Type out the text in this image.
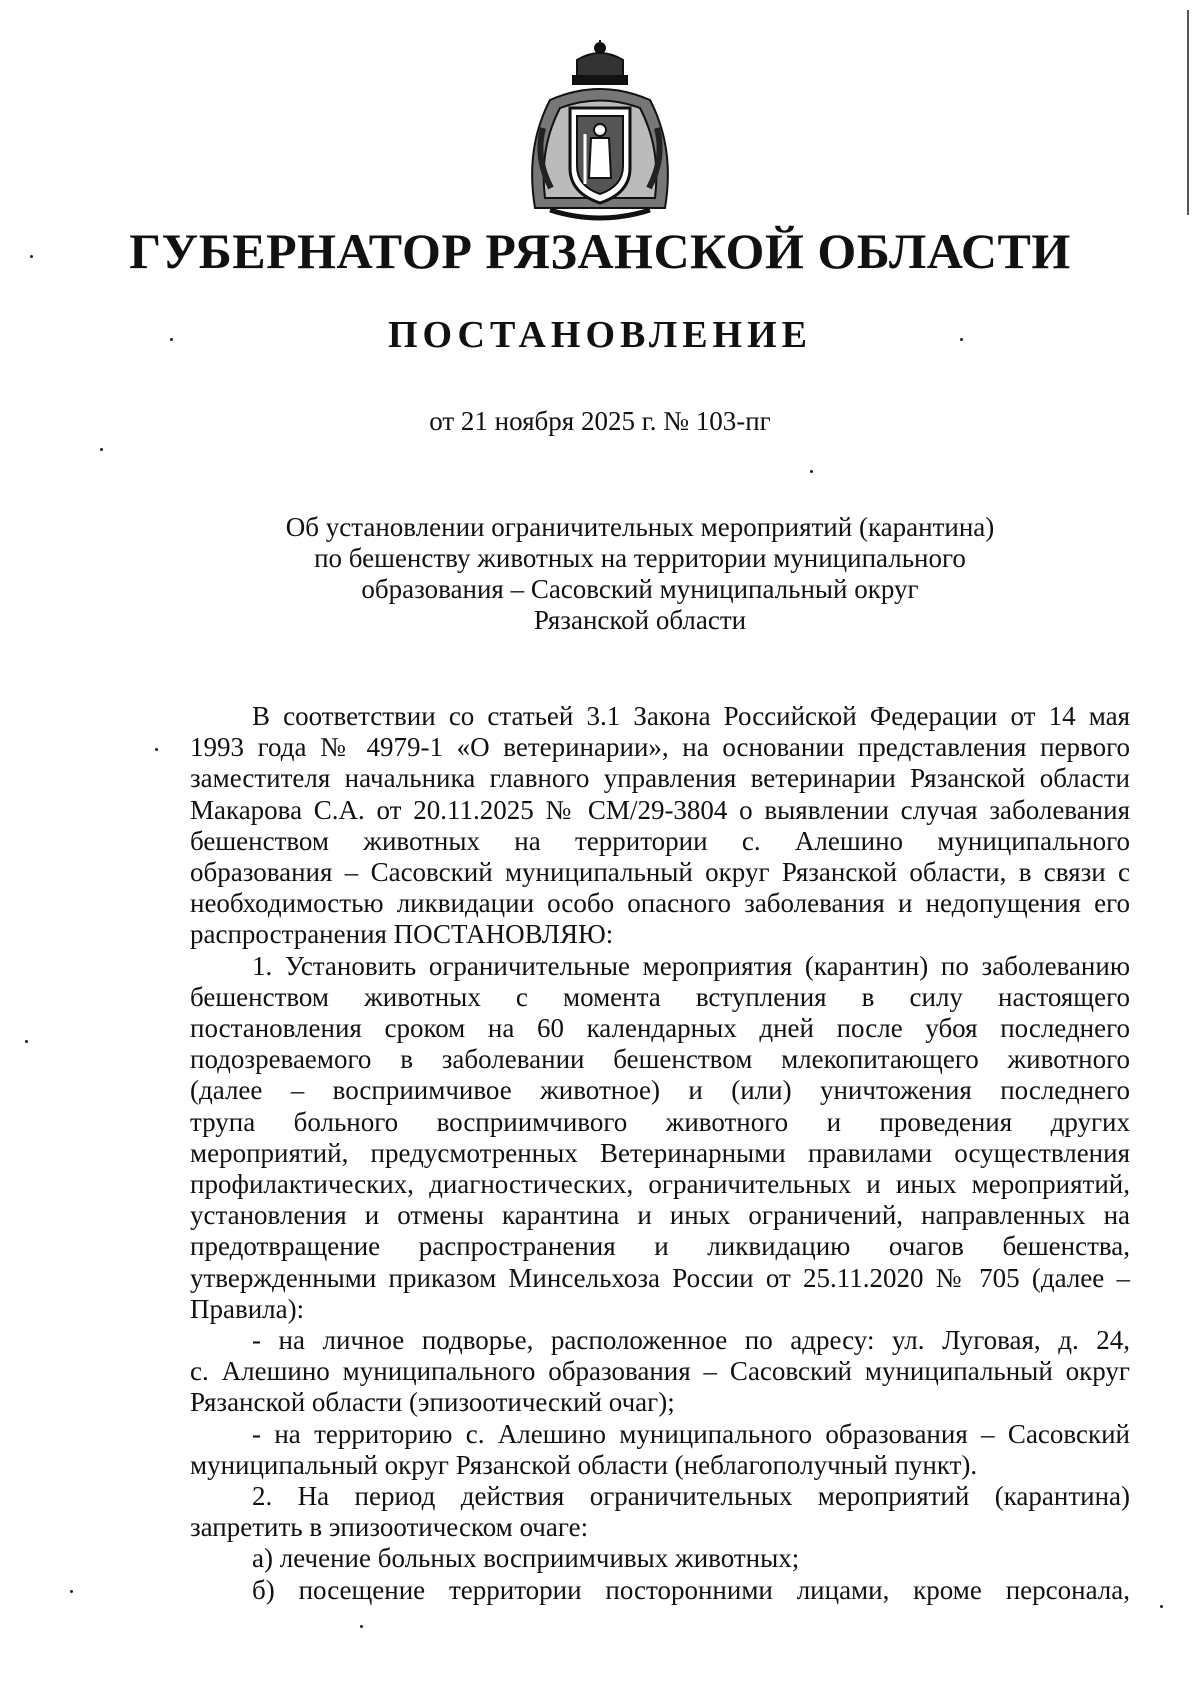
ГУБЕРНАТОР РЯЗАНСКОЙ ОБЛАСТИ
ПОСТАНОВЛЕНИЕ
от 21 ноября 2025 г. № 103-пг
Об установлении ограничительных мероприятий (карантина)
по бешенству животных на территории муниципального
образования – Сасовский муниципальный округ
Рязанской области

В соответствии со статьей 3.1 Закона Российской Федерации от 14 мая

1993 года № 4979-1 «О ветеринарии», на основании представления первого

заместителя начальника главного управления ветеринарии Рязанской области

Макарова С.А. от 20.11.2025 № СМ/29-3804 о выявлении случая заболевания

бешенством животных на территории с. Алешино муниципального

образования – Сасовский муниципальный округ Рязанской области, в связи с

необходимостью ликвидации особо опасного заболевания и недопущения его

распространения ПОСТАНОВЛЯЮ:

1. Установить ограничительные мероприятия (карантин) по заболеванию

бешенством животных с момента вступления в силу настоящего

постановления сроком на 60 календарных дней после убоя последнего

подозреваемого в заболевании бешенством млекопитающего животного

(далее – восприимчивое животное) и (или) уничтожения последнего

трупа больного восприимчивого животного и проведения других

мероприятий, предусмотренных Ветеринарными правилами осуществления

профилактических, диагностических, ограничительных и иных мероприятий,

установления и отмены карантина и иных ограничений, направленных на

предотвращение распространения и ликвидацию очагов бешенства,

утвержденными приказом Минсельхоза России от 25.11.2020 № 705 (далее –

Правила):

- на личное подворье, расположенное по адресу: ул. Луговая, д. 24,

с. Алешино муниципального образования – Сасовский муниципальный округ

Рязанской области (эпизоотический очаг);

- на территорию с. Алешино муниципального образования – Сасовский

муниципальный округ Рязанской области (неблагополучный пункт).

2. На период действия ограничительных мероприятий (карантина)

запретить в эпизоотическом очаге:

а) лечение больных восприимчивых животных;

б) посещение территории посторонними лицами, кроме персонала,
